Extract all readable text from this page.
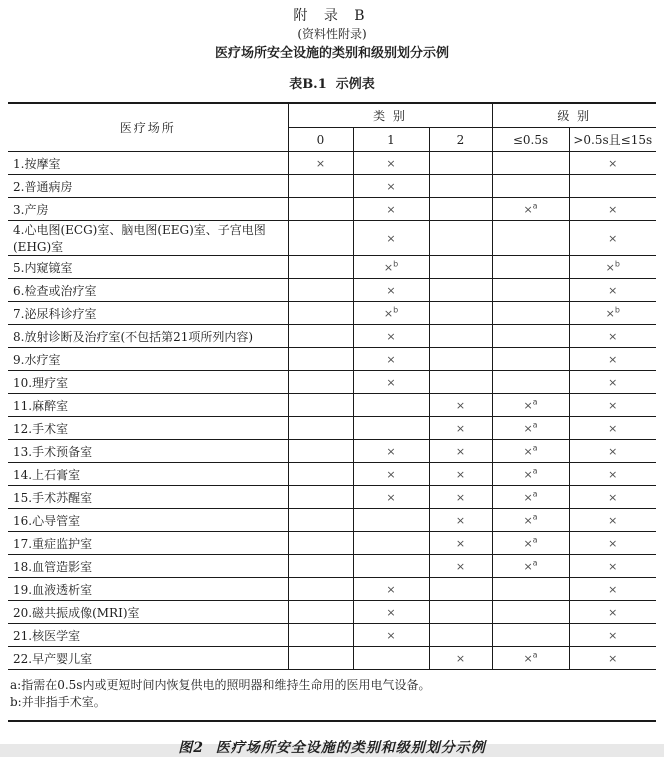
附 录 B
(资料性附录)
医疗场所安全设施的类别和级别划分示例
表B.1  示例表
医疗场所	类 别			级 别	
	0	1	2	≤0.5s	>0.5s且≤15s
1.按摩室	×	×			×
2.普通病房		×			
3.产房		×		×$^a$	×
4.心电图(ECG)室、脑电图(EEG)室、子宫电图(EHG)室		×			×
5.内窥镜室		×$^b$			×$^b$
6.检查或治疗室		×			×
7.泌尿科诊疗室		×$^b$			×$^b$
8.放射诊断及治疗室(不包括第21项所列内容)		×			×
9.水疗室		×			×
10.理疗室		×			×
11.麻醉室			×	×$^a$	×
12.手术室			×	×$^a$	×
13.手术预备室		×	×	×$^a$	×
14.上石膏室		×	×	×$^a$	×
15.手术苏醒室		×	×	×$^a$	×
16.心导管室			×	×$^a$	×
17.重症监护室			×	×$^a$	×
18.血管造影室			×	×$^a$	×
19.血液透析室		×			×
20.磁共振成像(MRI)室		×			×
21.核医学室		×			×
22.早产婴儿室			×	×$^a$	×
a:指需在0.5s内或更短时间内恢复供电的照明器和维持生命用的医用电气设备。
b:并非指手术室。
图2  医疗场所安全设施的类别和级别划分示例
